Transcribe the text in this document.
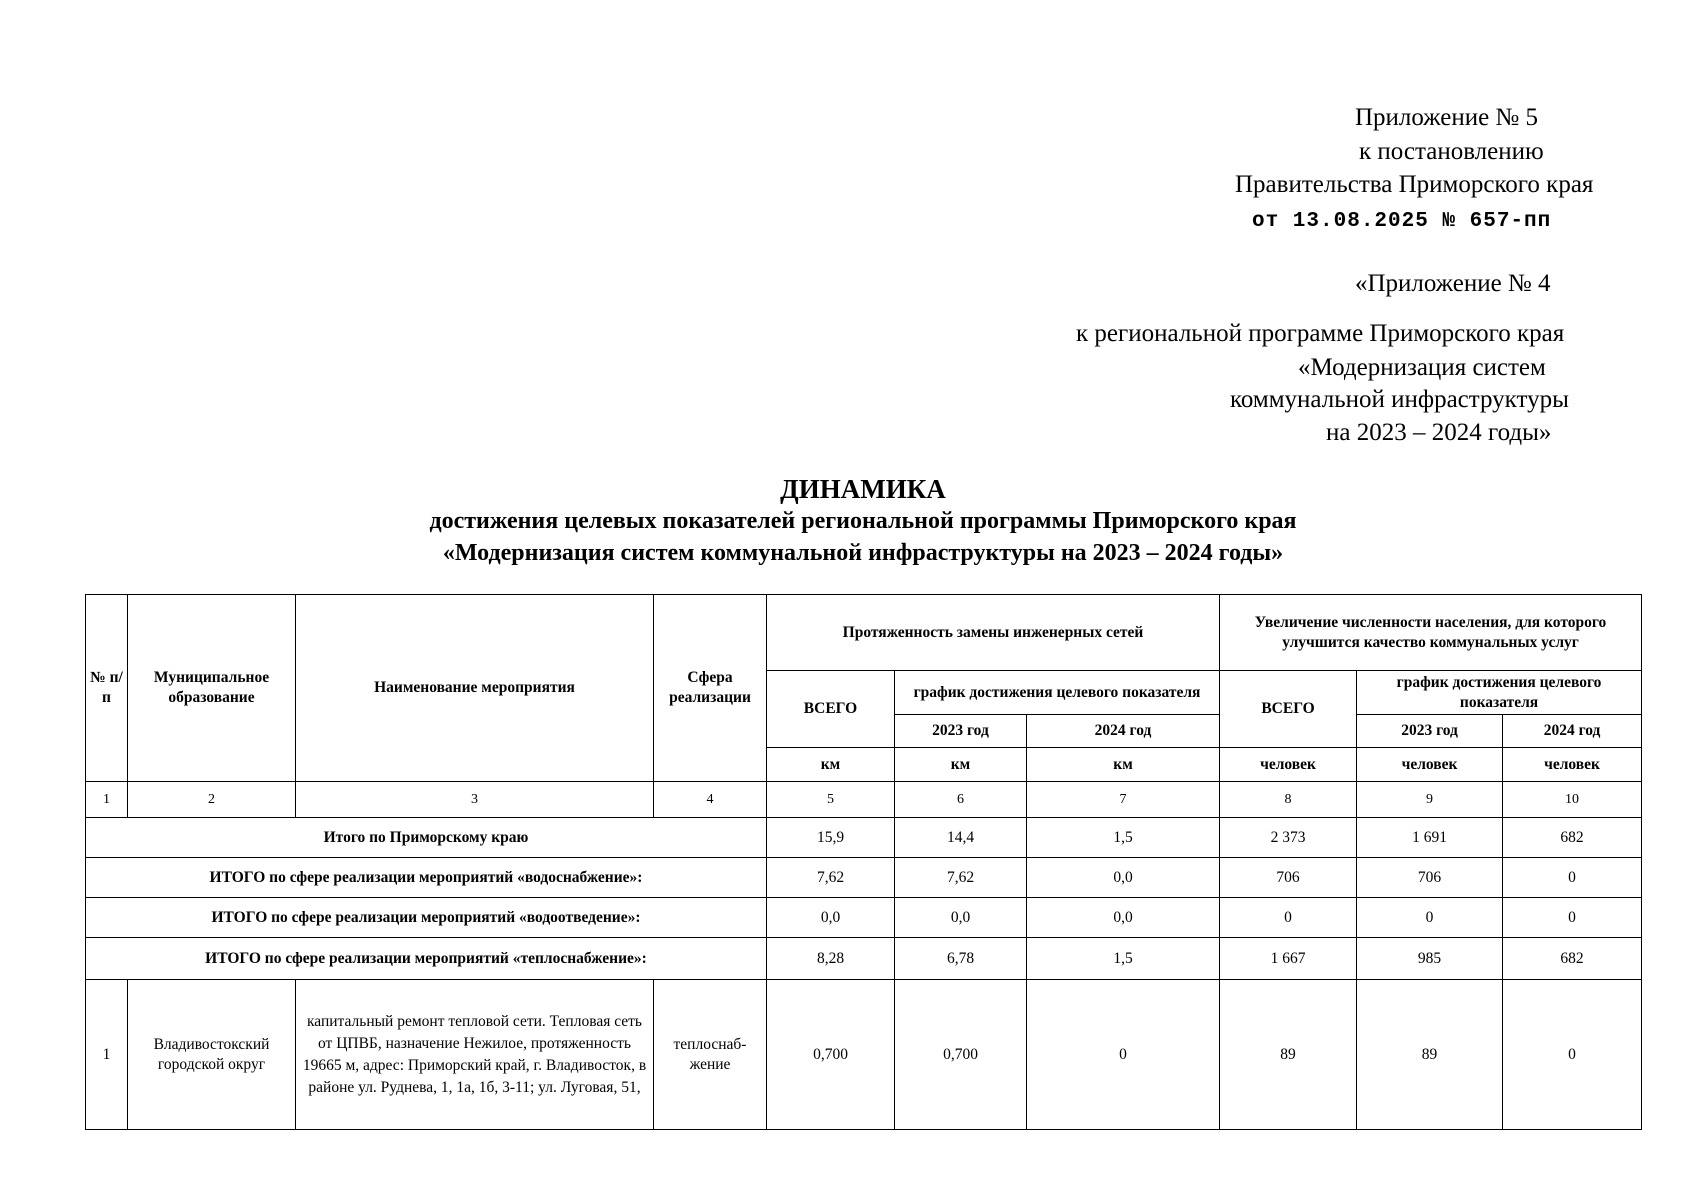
Приложение № 5
к постановлению
Правительства Приморского края
от 13.08.2025 № 657-пп
«Приложение № 4
к региональной программе Приморского края
«Модернизация систем
коммунальной инфраструктуры
на 2023 – 2024 годы»
ДИНАМИКА
достижения целевых показателей региональной программы Приморского края
«Модернизация систем коммунальной инфраструктуры на 2023 – 2024 годы»
№ п/п	Муниципальное образование	Наименование мероприятия	Сфера реализации	Протяженность замены инженерных сетей			Увеличение численности населения, для которого улучшится качество коммунальных услуг		
				ВСЕГО	график достижения целевого показателя		ВСЕГО	график достижения целевого показателя	
					2023 год	2024 год		2023 год	2024 год
				км	км	км	человек	человек	человек
1	2	3	4	5	6	7	8	9	10
Итого по Приморскому краю				15,9	14,4	1,5	2 373	1 691	682
ИТОГО по сфере реализации мероприятий «водоснабжение»:				7,62	7,62	0,0	706	706	0
ИТОГО по сфере реализации мероприятий «водоотведение»:				0,0	0,0	0,0	0	0	0
ИТОГО по сфере реализации мероприятий «теплоснабжение»:				8,28	6,78	1,5	1 667	985	682
1	Владивостокский городской округ	капитальный ремонт тепловой сети. Тепловая сеть от ЦПВБ, назначение Нежилое, протяженность 19665 м, адрес: Приморский край, г. Владивосток, в районе ул. Руднева, 1, 1а, 1б, 3-11; ул. Луговая, 51,	теплоснаб-жение	0,700	0,700	0	89	89	0
